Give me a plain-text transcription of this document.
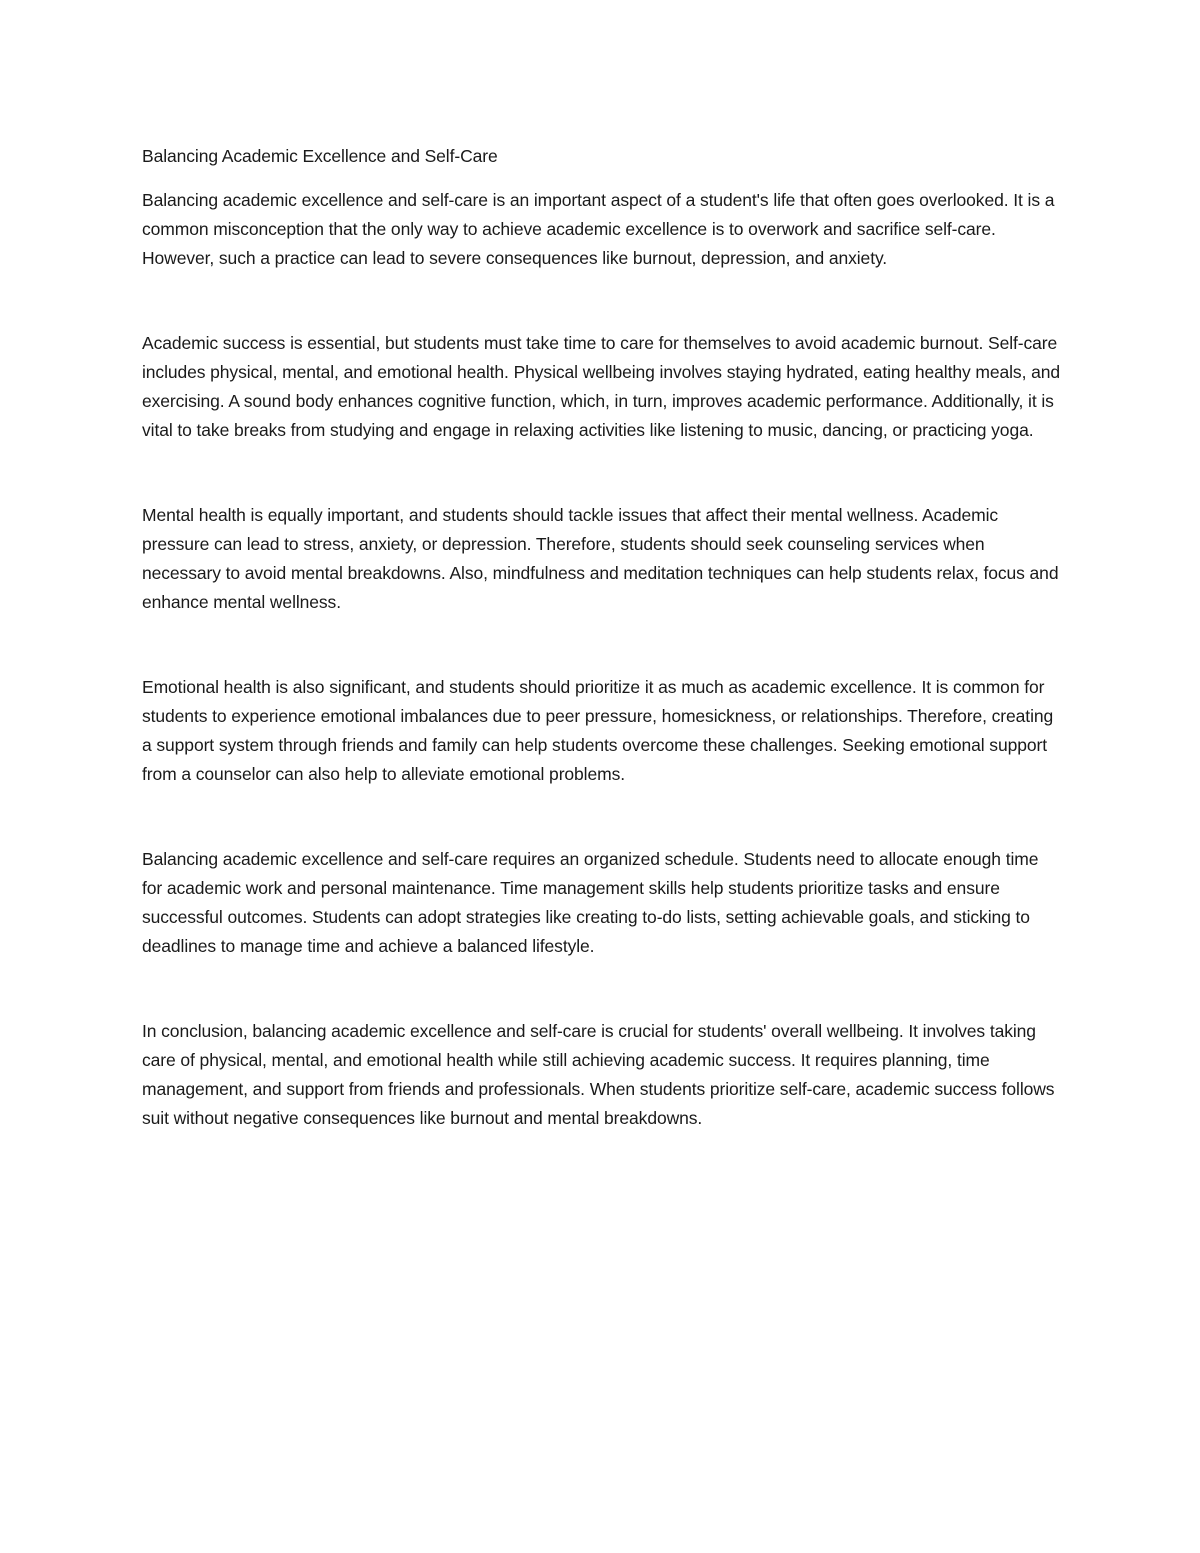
Balancing Academic Excellence and Self-Care

Balancing academic excellence and self-care is an important aspect of a student's life that often goes overlooked. It is a common misconception that the only way to achieve academic excellence is to overwork and sacrifice self-care. However, such a practice can lead to severe consequences like burnout, depression, and anxiety.

Academic success is essential, but students must take time to care for themselves to avoid academic burnout. Self-care includes physical, mental, and emotional health. Physical wellbeing involves staying hydrated, eating healthy meals, and exercising. A sound body enhances cognitive function, which, in turn, improves academic performance. Additionally, it is vital to take breaks from studying and engage in relaxing activities like listening to music, dancing, or practicing yoga.

Mental health is equally important, and students should tackle issues that affect their mental wellness. Academic pressure can lead to stress, anxiety, or depression. Therefore, students should seek counseling services when necessary to avoid mental breakdowns. Also, mindfulness and meditation techniques can help students relax, focus and enhance mental wellness.

Emotional health is also significant, and students should prioritize it as much as academic excellence. It is common for students to experience emotional imbalances due to peer pressure, homesickness, or relationships. Therefore, creating a support system through friends and family can help students overcome these challenges. Seeking emotional support from a counselor can also help to alleviate emotional problems.

Balancing academic excellence and self-care requires an organized schedule. Students need to allocate enough time for academic work and personal maintenance. Time management skills help students prioritize tasks and ensure successful outcomes. Students can adopt strategies like creating to-do lists, setting achievable goals, and sticking to deadlines to manage time and achieve a balanced lifestyle.

In conclusion, balancing academic excellence and self-care is crucial for students' overall wellbeing. It involves taking care of physical, mental, and emotional health while still achieving academic success. It requires planning, time management, and support from friends and professionals. When students prioritize self-care, academic success follows suit without negative consequences like burnout and mental breakdowns.
